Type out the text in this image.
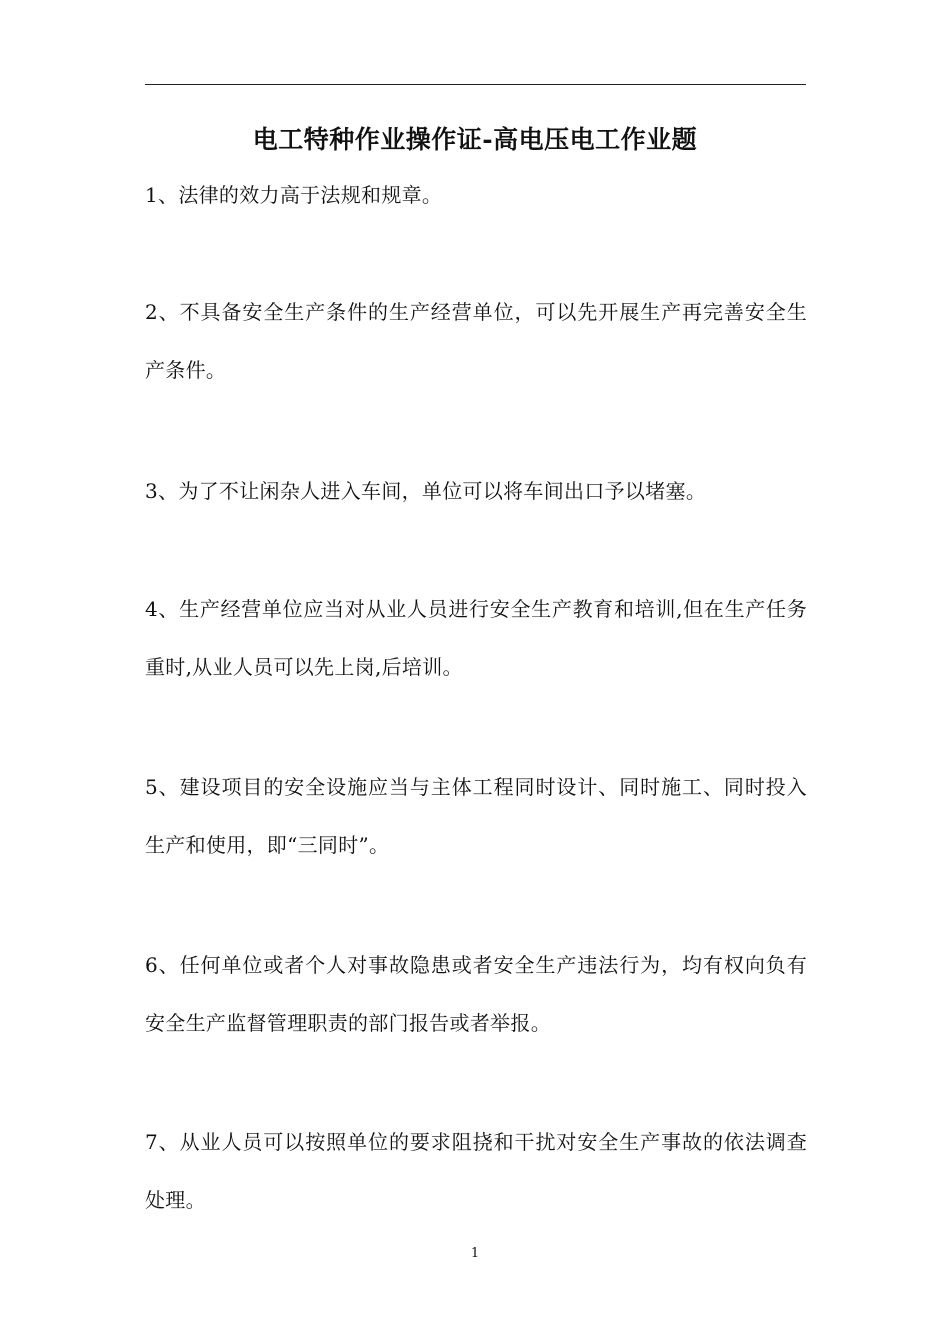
电工特种作业操作证-高电压电工作业题
1、法律的效力高于法规和规章。
2、不具备安全生产条件的生产经营单位，可以先开展生产再完善安全生产条件。
3、为了不让闲杂人进入车间，单位可以将车间出口予以堵塞。
4、生产经营单位应当对从业人员进行安全生产教育和培训,但在生产任务重时,从业人员可以先上岗,后培训。
5、建设项目的安全设施应当与主体工程同时设计、同时施工、同时投入生产和使用，即“三同时”。
6、任何单位或者个人对事故隐患或者安全生产违法行为，均有权向负有安全生产监督管理职责的部门报告或者举报。
7、从业人员可以按照单位的要求阻挠和干扰对安全生产事故的依法调查处理。
1
